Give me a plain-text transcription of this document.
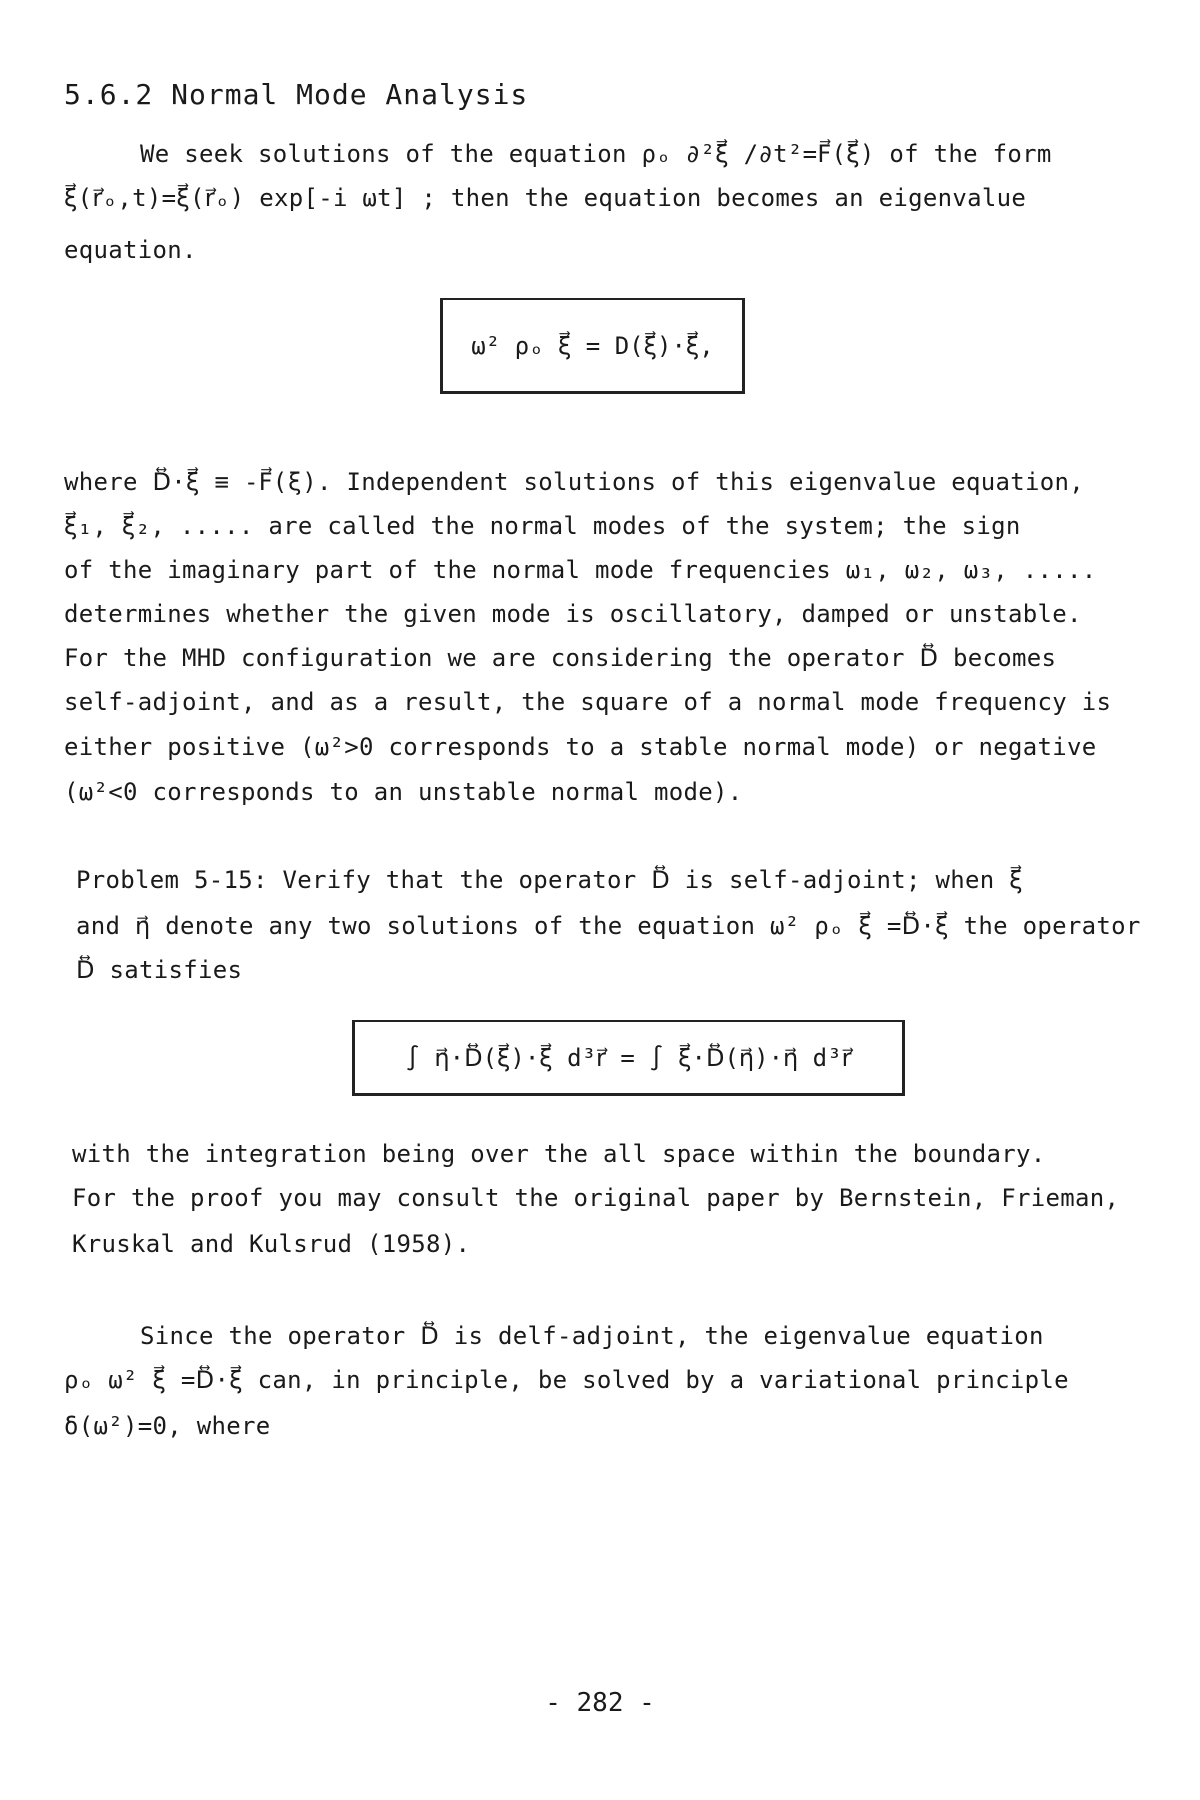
5.6.2 Normal Mode Analysis
We seek solutions of the equation ρₒ ∂²ξ⃗ /∂t²=F⃗(ξ⃗) of the form
ξ⃗(r⃗ₒ,t)=ξ⃗(r⃗ₒ) exp[-i ωt] ; then the equation becomes an eigenvalue
equation.
ω² ρₒ ξ⃗ = D(ξ⃗)·ξ⃗,
where D⃡·ξ⃗ ≡ -F⃗(ξ). Independent solutions of this eigenvalue equation,
ξ⃗₁, ξ⃗₂, ..... are called the normal modes of the system; the sign
of the imaginary part of the normal mode frequencies ω₁, ω₂, ω₃, .....
determines whether the given mode is oscillatory, damped or unstable.
For the MHD configuration we are considering the operator D⃡ becomes
self-adjoint, and as a result, the square of a normal mode frequency is
either positive (ω²>0 corresponds to a stable normal mode) or negative
(ω²<0 corresponds to an unstable normal mode).
Problem 5-15: Verify that the operator D⃡ is self-adjoint; when ξ⃗
and η⃗ denote any two solutions of the equation ω² ρₒ ξ⃗ =D⃡·ξ⃗ the operator
D⃡ satisfies
∫ η⃗·D⃡(ξ⃗)·ξ⃗ d³r⃗ = ∫ ξ⃗·D⃡(η⃗)·η⃗ d³r⃗
with the integration being over the all space within the boundary.
For the proof you may consult the original paper by Bernstein, Frieman,
Kruskal and Kulsrud (1958).
Since the operator D⃡ is delf-adjoint, the eigenvalue equation
ρₒ ω² ξ⃗ =D⃡·ξ⃗ can, in principle, be solved by a variational principle
δ(ω²)=0, where
- 282 -
